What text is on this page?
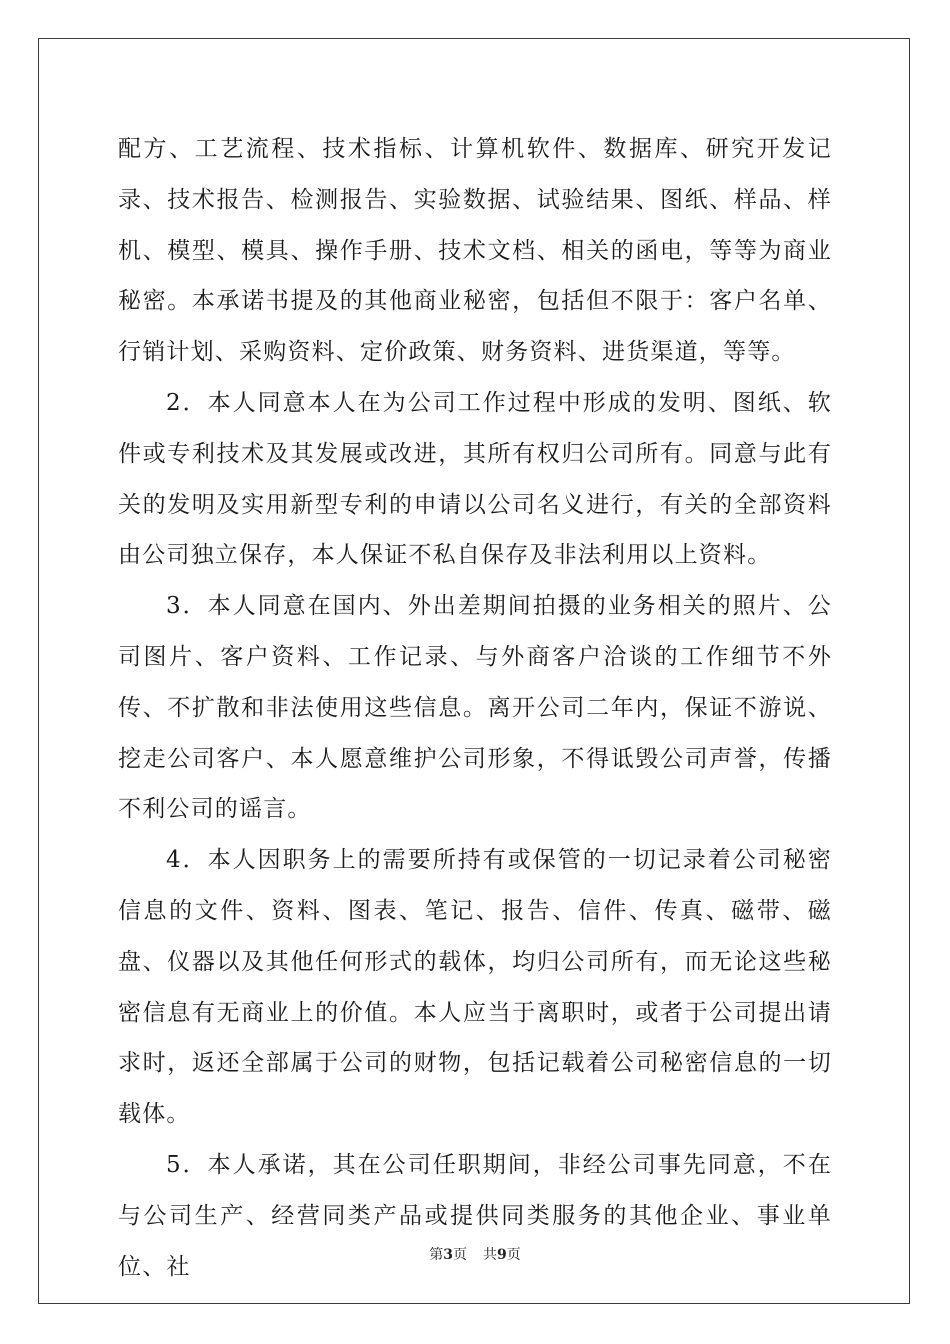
配方、工艺流程、技术指标、计算机软件、数据库、研究开发记录、技术报告、检测报告、实验数据、试验结果、图纸、样品、样机、模型、模具、操作手册、技术文档、相关的函电，等等为商业秘密。本承诺书提及的其他商业秘密，包括但不限于：客户名单、行销计划、采购资料、定价政策、财务资料、进货渠道，等等。

2．本人同意本人在为公司工作过程中形成的发明、图纸、软件或专利技术及其发展或改进，其所有权归公司所有。同意与此有关的发明及实用新型专利的申请以公司名义进行，有关的全部资料由公司独立保存，本人保证不私自保存及非法利用以上资料。

3．本人同意在国内、外出差期间拍摄的业务相关的照片、公司图片、客户资料、工作记录、与外商客户洽谈的工作细节不外传、不扩散和非法使用这些信息。离开公司二年内，保证不游说、挖走公司客户、本人愿意维护公司形象，不得诋毁公司声誉，传播不利公司的谣言。

4．本人因职务上的需要所持有或保管的一切记录着公司秘密信息的文件、资料、图表、笔记、报告、信件、传真、磁带、磁盘、仪器以及其他任何形式的载体，均归公司所有，而无论这些秘密信息有无商业上的价值。本人应当于离职时，或者于公司提出请求时，返还全部属于公司的财物，包括记载着公司秘密信息的一切载体。

5．本人承诺，其在公司任职期间，非经公司事先同意，不在与公司生产、经营同类产品或提供同类服务的其他企业、事业单位、社	第3页 共9页
